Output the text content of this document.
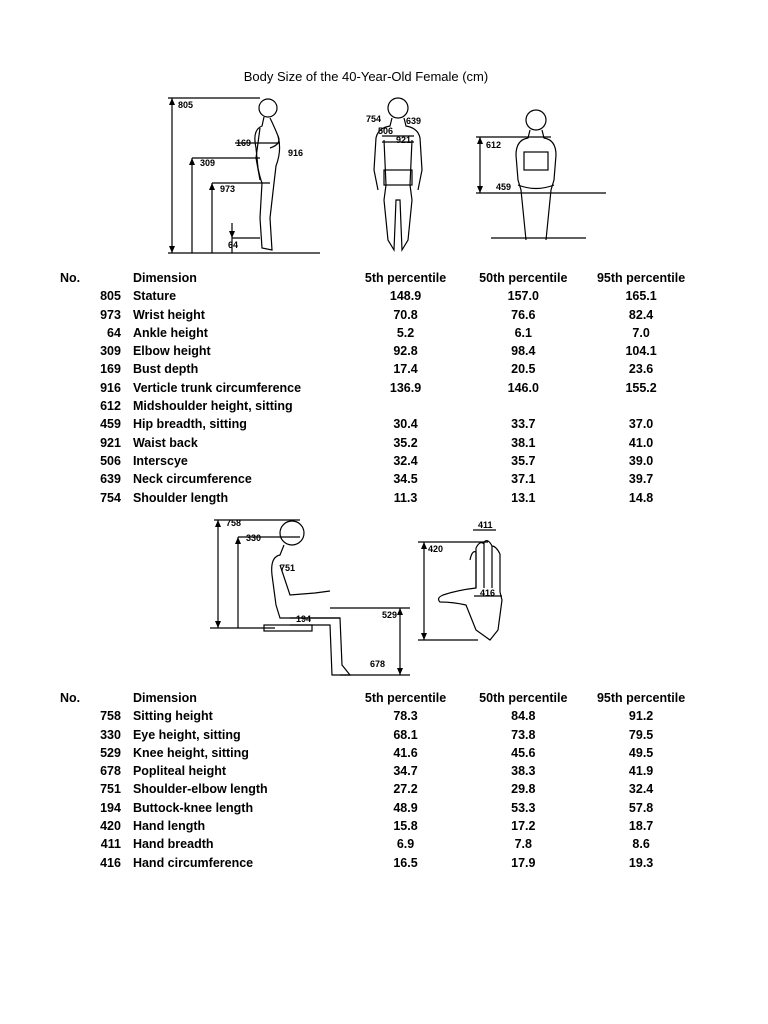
Body Size of the 40-Year-Old Female (cm)
805
169
916
309
973
64
754	639
506
921	612
459
758
330
751
194	529
678
411
420
416
No.	Dimension	5th percentile	50th percentile	95th percentile
805	Stature	148.9	157.0	165.1
973	Wrist height	70.8	76.6	82.4
64	Ankle height	5.2	6.1	7.0
309	Elbow height	92.8	98.4	104.1
169	Bust depth	17.4	20.5	23.6
916	Verticle trunk circumference	136.9	146.0	155.2
612	Midshoulder height, sitting			
459	Hip breadth, sitting	30.4	33.7	37.0
921	Waist back	35.2	38.1	41.0
506	Interscye	32.4	35.7	39.0
639	Neck circumference	34.5	37.1	39.7
754	Shoulder length	11.3	13.1	14.8
No.	Dimension	5th percentile	50th percentile	95th percentile
758	Sitting height	78.3	84.8	91.2
330	Eye height, sitting	68.1	73.8	79.5
529	Knee height, sitting	41.6	45.6	49.5
678	Popliteal height	34.7	38.3	41.9
751	Shoulder-elbow length	27.2	29.8	32.4
194	Buttock-knee length	48.9	53.3	57.8
420	Hand length	15.8	17.2	18.7
411	Hand breadth	6.9	7.8	8.6
416	Hand circumference	16.5	17.9	19.3
